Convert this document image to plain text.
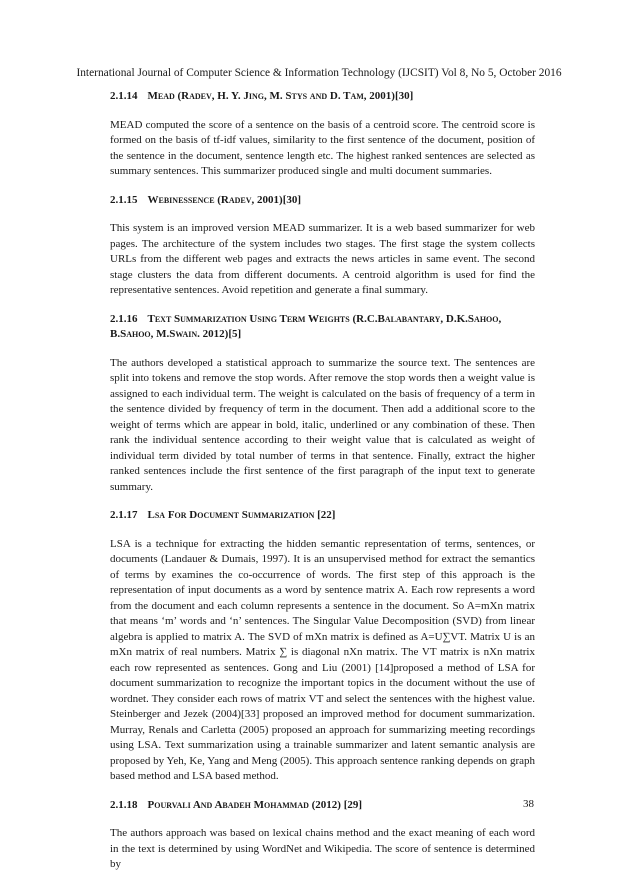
International Journal of Computer Science & Information Technology (IJCSIT) Vol 8, No 5, October 2016
2.1.14 Mead (Radev, H. Y. Jing, M. Stys and D. Tam, 2001)[30]

MEAD computed the score of a sentence on the basis of a centroid score. The centroid score is formed on the basis of tf-idf values, similarity to the first sentence of the document, position of the sentence in the document, sentence length etc. The highest ranked sentences are selected as summary sentences. This summarizer produced single and multi document summaries.

2.1.15 Webinessence (Radev, 2001)[30]

This system is an improved version MEAD summarizer. It is a web based summarizer for web pages. The architecture of the system includes two stages. The first stage the system collects URLs from the different web pages and extracts the news articles in same event. The second stage clusters the data from different documents. A centroid algorithm is used for find the representative sentences. Avoid repetition and generate a final summary.

2.1.16 Text Summarization Using Term Weights (R.C.Balabantary, D.K.Sahoo, B.Sahoo, M.Swain. 2012)[5]

The authors developed a statistical approach to summarize the source text. The sentences are split into tokens and remove the stop words. After remove the stop words then a weight value is assigned to each individual term. The weight is calculated on the basis of frequency of a term in the sentence divided by frequency of term in the document. Then add a additional score to the weight of terms which are appear in bold, italic, underlined or any combination of these. Then rank the individual sentence according to their weight value that is calculated as weight of individual term divided by total number of terms in that sentence. Finally, extract the higher ranked sentences include the first sentence of the first paragraph of the input text to generate summary.

2.1.17 Lsa For Document Summarization [22]

LSA is a technique for extracting the hidden semantic representation of terms, sentences, or documents (Landauer & Dumais, 1997). It is an unsupervised method for extract the semantics of terms by examines the co-occurrence of words. The first step of this approach is the representation of input documents as a word by sentence matrix A. Each row represents a word from the document and each column represents a sentence in the document. So A=mXn matrix that means ‘m’ words and ‘n’ sentences. The Singular Value Decomposition (SVD) from linear algebra is applied to matrix A. The SVD of mXn matrix is defined as A=U∑VT. Matrix U is an mXn matrix of real numbers. Matrix ∑ is diagonal nXn matrix. The VT matrix is nXn matrix each row represented as sentences. Gong and Liu (2001) [14]proposed a method of LSA for document summarization to recognize the important topics in the document without the use of wordnet. They consider each rows of matrix VT and select the sentences with the highest value. Steinberger and Jezek (2004)[33] proposed an improved method for document summarization. Murray, Renals and Carletta (2005) proposed an approach for summarizing meeting recordings using LSA. Text summarization using a trainable summarizer and latent semantic analysis are proposed by Yeh, Ke, Yang and Meng (2005). This approach sentence ranking depends on graph based method and LSA based method.

2.1.18 Pourvali And Abadeh Mohammad (2012) [29]

The authors approach was based on lexical chains method and the exact meaning of each word in the text is determined by using WordNet and Wikipedia. The score of sentence is determined by

38
